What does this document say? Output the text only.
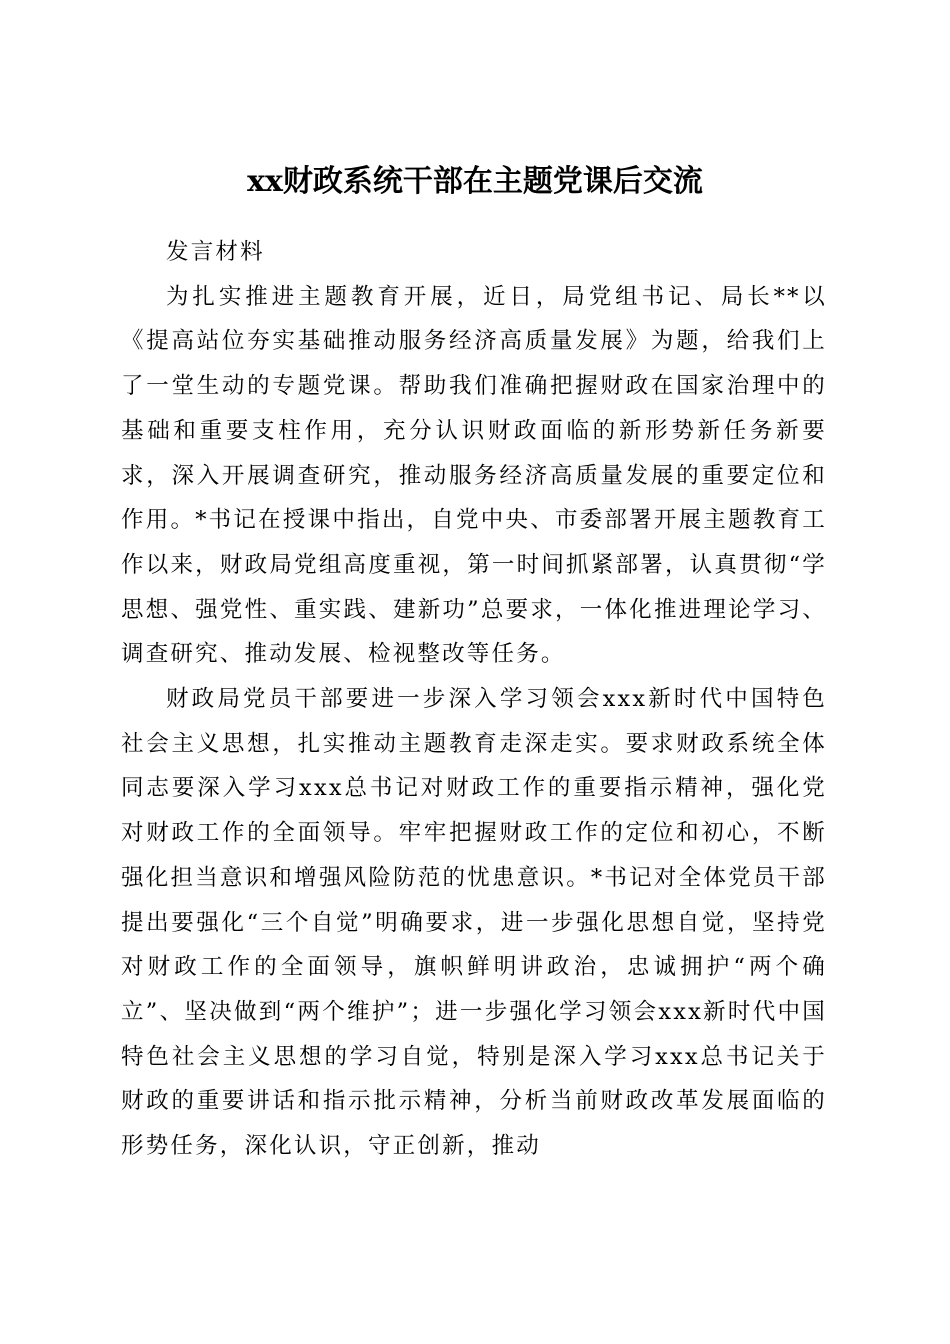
xx财政系统干部在主题党课后交流

发言材料

为扎实推进主题教育开展，近日，局党组书记、局长**以《提高站位夯实基础推动服务经济高质量发展》为题，给我们上了一堂生动的专题党课。帮助我们准确把握财政在国家治理中的基础和重要支柱作用，充分认识财政面临的新形势新任务新要求，深入开展调查研究，推动服务经济高质量发展的重要定位和作用。*书记在授课中指出，自党中央、市委部署开展主题教育工作以来，财政局党组高度重视，第一时间抓紧部署，认真贯彻“学思想、强党性、重实践、建新功”总要求，一体化推进理论学习、调查研究、推动发展、检视整改等任务。

财政局党员干部要进一步深入学习领会xxx新时代中国特色社会主义思想，扎实推动主题教育走深走实。要求财政系统全体同志要深入学习xxx总书记对财政工作的重要指示精神，强化党对财政工作的全面领导。牢牢把握财政工作的定位和初心，不断强化担当意识和增强风险防范的忧患意识。*书记对全体党员干部提出要强化“三个自觉”明确要求，进一步强化思想自觉，坚持党对财政工作的全面领导，旗帜鲜明讲政治，忠诚拥护“两个确立”、坚决做到“两个维护”；进一步强化学习领会xxx新时代中国特色社会主义思想的学习自觉，特别是深入学习xxx总书记关于财政的重要讲话和指示批示精神，分析当前财政改革发展面临的形势任务，深化认识，守正创新，推动
